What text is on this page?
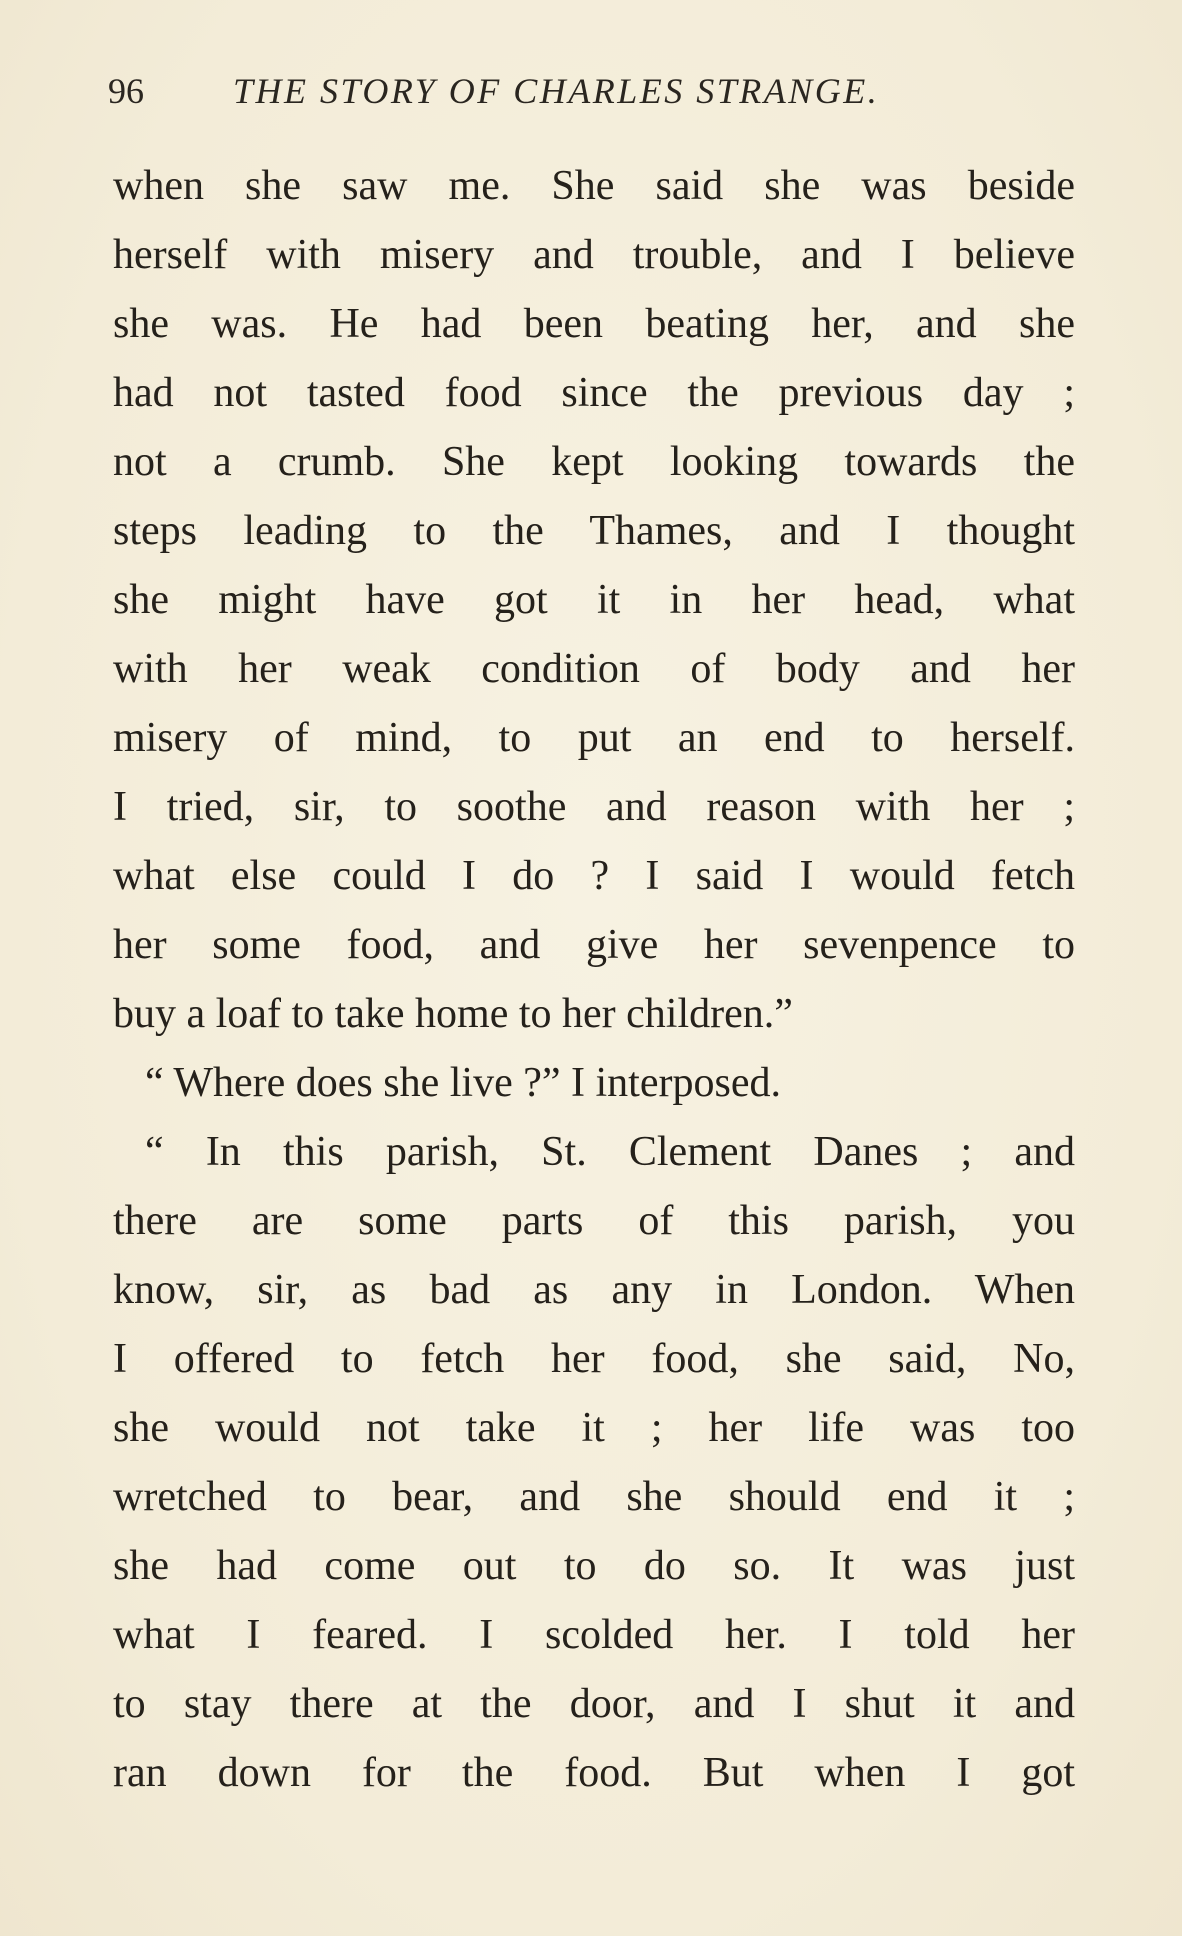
96 THE STORY OF CHARLES STRANGE.
when she saw me. She said she was beside
herself with misery and trouble, and I believe
she was. He had been beating her, and she
had not tasted food since the previous day ;
not a crumb. She kept looking towards the
steps leading to the Thames, and I thought
she might have got it in her head, what
with her weak condition of body and her
misery of mind, to put an end to herself.
I tried, sir, to soothe and reason with her ;
what else could I do ? I said I would fetch
her some food, and give her sevenpence to
buy a loaf to take home to her children.”
“ Where does she live ?” I interposed.
“ In this parish, St. Clement Danes ; and
there are some parts of this parish, you
know, sir, as bad as any in London. When
I offered to fetch her food, she said, No,
she would not take it ; her life was too
wretched to bear, and she should end it ;
she had come out to do so. It was just
what I feared. I scolded her. I told her
to stay there at the door, and I shut it and
ran down for the food. But when I got
